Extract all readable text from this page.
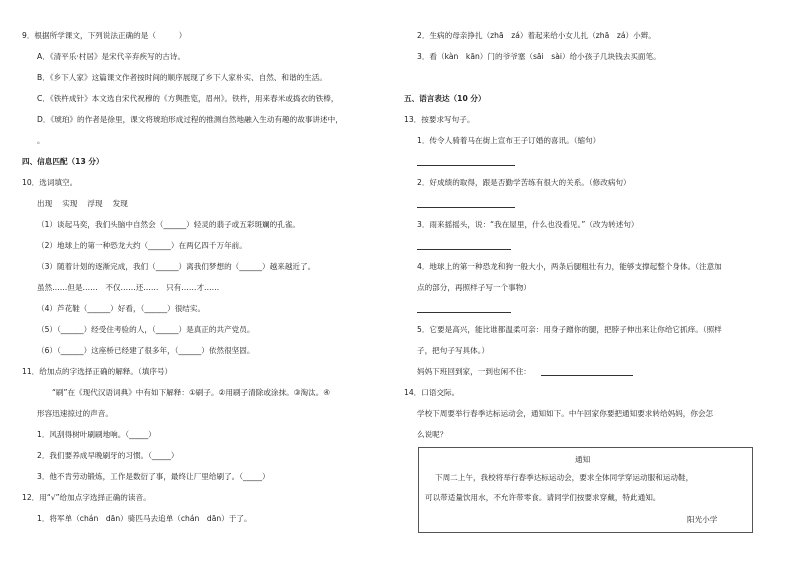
9．根据所学课文，下列说法正确的是（　　　）
A．《清平乐·村居》是宋代辛弃疾写的古诗。
B．《乡下人家》这篇课文作者按时间的顺序展现了乡下人家朴实、自然、和谐的生活。
C．《铁杵成针》本文选自宋代祝穆的《方舆胜览，眉州》。铁杵，用来春米或捣衣的铁棒，
D．《琥珀》的作者是徐里，课文将琥珀形成过程的推测自然地融入生动有趣的故事讲述中，
。
四、信息匹配（13 分）
10．选词填空。
出现　 实现　 浮现　 发现
（1）谈起马奕，我们头脑中自然会（______）轻灵的翡子或五彩斑斓的孔雀。
（2）地球上的第一种恐龙大约（______）在两亿四千万年前。
（3）随着计划的逐渐完成，我们（______）离我们梦想的（______）越来越近了。
虽然……但是……　不仅……还……　只有……才……
（4）芦花鞋（______）好看，（______）很结实。
（5）（______）经受住考验的人，（______）是真正的共产党员。
（6）（______）这座桥已经建了很多年，（______）依然很坚固。
11．给加点的字选择正确的解释。（填序号）
“刷”在《现代汉语词典》中有如下解释：①刷子。②用刷子清除或涂抹。③淘汰。④
形容迅速掠过的声音。
1．风刮得树叶刷刷地响。（_____）
2．我们要养成早晚刷牙的习惯。（_____）
3．他不肯劳动锻炼，工作是数衍了事，最终让厂里给刷了。（_____）
12．用“√”给加点字选择正确的读音。
1．将军单（chán　dān）骑匹马去追单（chán　dān）于了。
2．生病的母亲挣扎（zhā　zá）着起来给小女儿扎（zhā　zá）小辫。
3．看（kàn　kān）门的爷爷塞（sāi　sài）给小孩子几块钱去买面笔。
五、语言表达（10 分）
13．按要求写句子。
1．传令人骑着马在街上宣布王子订婚的喜讯。（缩句）
2．好成绩的取得，跟是否勤学苦练有很大的关系。（修改病句）
3．雨来摇摇头，说：“我在屋里，什么也没看见。”（改为转述句）
4．地球上的第一种恐龙和狗一般大小，两条后腿粗壮有力，能够支撑起整个身体。（注意加
点的部分，再照样子写一个事物）
5．它要是高兴，能比谁都温柔可亲：用身子蹭你的腿，把脖子伸出来让你给它抓痒。（照样
子，把句子写具体。）
妈妈下班回到家，一到也闲不住：
14．口语交际。
学校下周要举行春季达标运动会，通知如下。中午回家你要把通知要求转给妈妈，你会怎
么说呢？
通知
下周二上午，我校将举行春季达标运动会，要求全体同学穿运动服和运动鞋，
可以带适量饮用水，不允许带零食。请同学们按要求穿戴，特此通知。
阳光小学
